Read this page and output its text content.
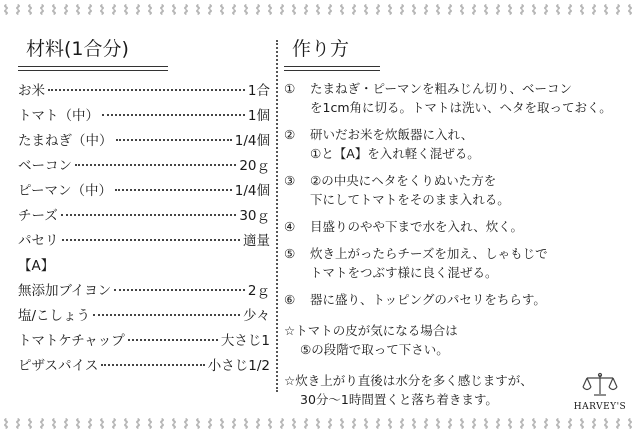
材料(1合分)
お米	1合
トマト（中）	1個
たまねぎ（中）	1/4個
ベーコン	20ｇ
ピーマン（中）	1/4個
チーズ	30ｇ
パセリ	適量
【A】
無添加ブイヨン	2ｇ
塩/こしょう	少々
トマトケチャップ	大さじ1
ピザスパイス	小さじ1/2
作り方
①	たまねぎ・ピーマンを粗みじん切り、ベーコン
を1cm角に切る。トマトは洗い、ヘタを取っておく。
②	研いだお米を炊飯器に入れ、
①と【A】を入れ軽く混ぜる。
③	②の中央にヘタをくりぬいた方を
下にしてトマトをそのまま入れる。
④	目盛りのやや下まで水を入れ、炊く。
⑤	炊き上がったらチーズを加え、しゃもじで
トマトをつぶす様に良く混ぜる。
⑥	器に盛り、トッピングのパセリをちらす。
☆トマトの皮が気になる場合は
⑤の段階で取って下さい。
☆炊き上がり直後は水分を多く感じますが、
30分〜1時間置くと落ち着きます。	HARVEY'S
